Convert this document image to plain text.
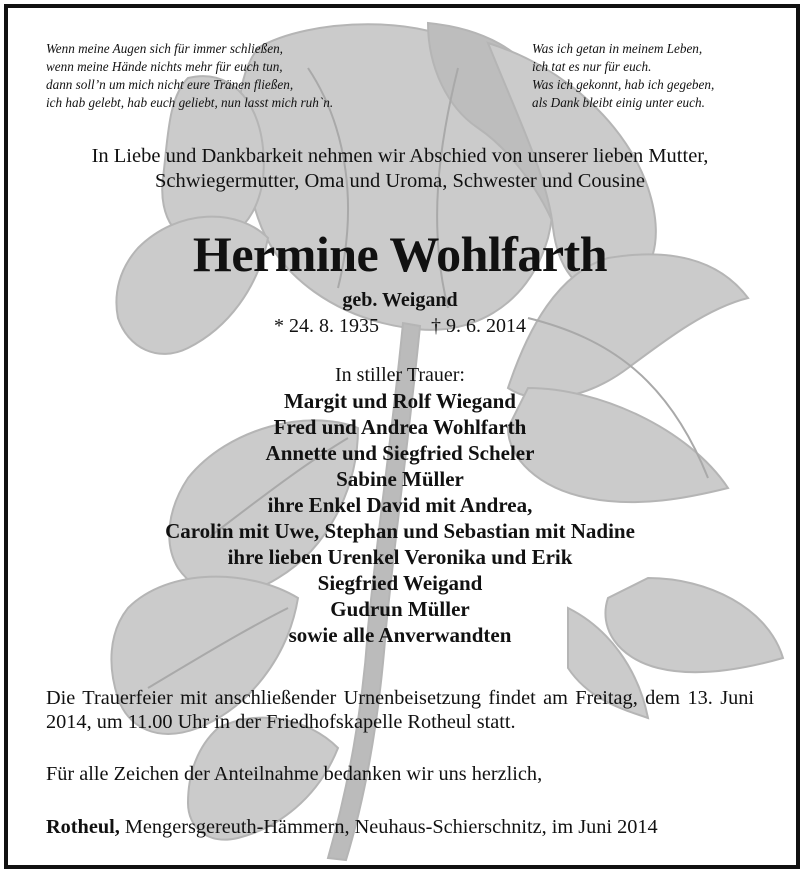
Wenn meine Augen sich für immer schließen,
wenn meine Hände nichts mehr für euch tun,
dann soll’n um mich nicht eure Tränen fließen,
ich hab gelebt, hab euch geliebt, nun lasst mich ruh`n.
Was ich getan in meinem Leben,
ich tat es nur für euch.
Was ich gekonnt, hab ich gegeben,
als Dank bleibt einig unter euch.
In Liebe und Dankbarkeit nehmen wir Abschied von unserer lieben Mutter,
Schwiegermutter, Oma und Uroma, Schwester und Cousine
Hermine Wohlfarth
geb. Weigand
* 24. 8. 1935	† 9. 6. 2014
In stiller Trauer:
Margit und Rolf Wiegand
Fred und Andrea Wohlfarth
Annette und Siegfried Scheler
Sabine Müller
ihre Enkel David mit Andrea,
Carolin mit Uwe, Stephan und Sebastian mit Nadine
ihre lieben Urenkel Veronika und Erik
Siegfried Weigand
Gudrun Müller
sowie alle Anverwandten
Die Trauerfeier mit anschließender Urnenbeisetzung findet am Freitag, dem 13. Juni 2014, um 11.00 Uhr in der Friedhofskapelle Rotheul statt.
Für alle Zeichen der Anteilnahme bedanken wir uns herzlich,
Rotheul, Mengersgereuth-Hämmern, Neuhaus-Schierschnitz, im Juni 2014
